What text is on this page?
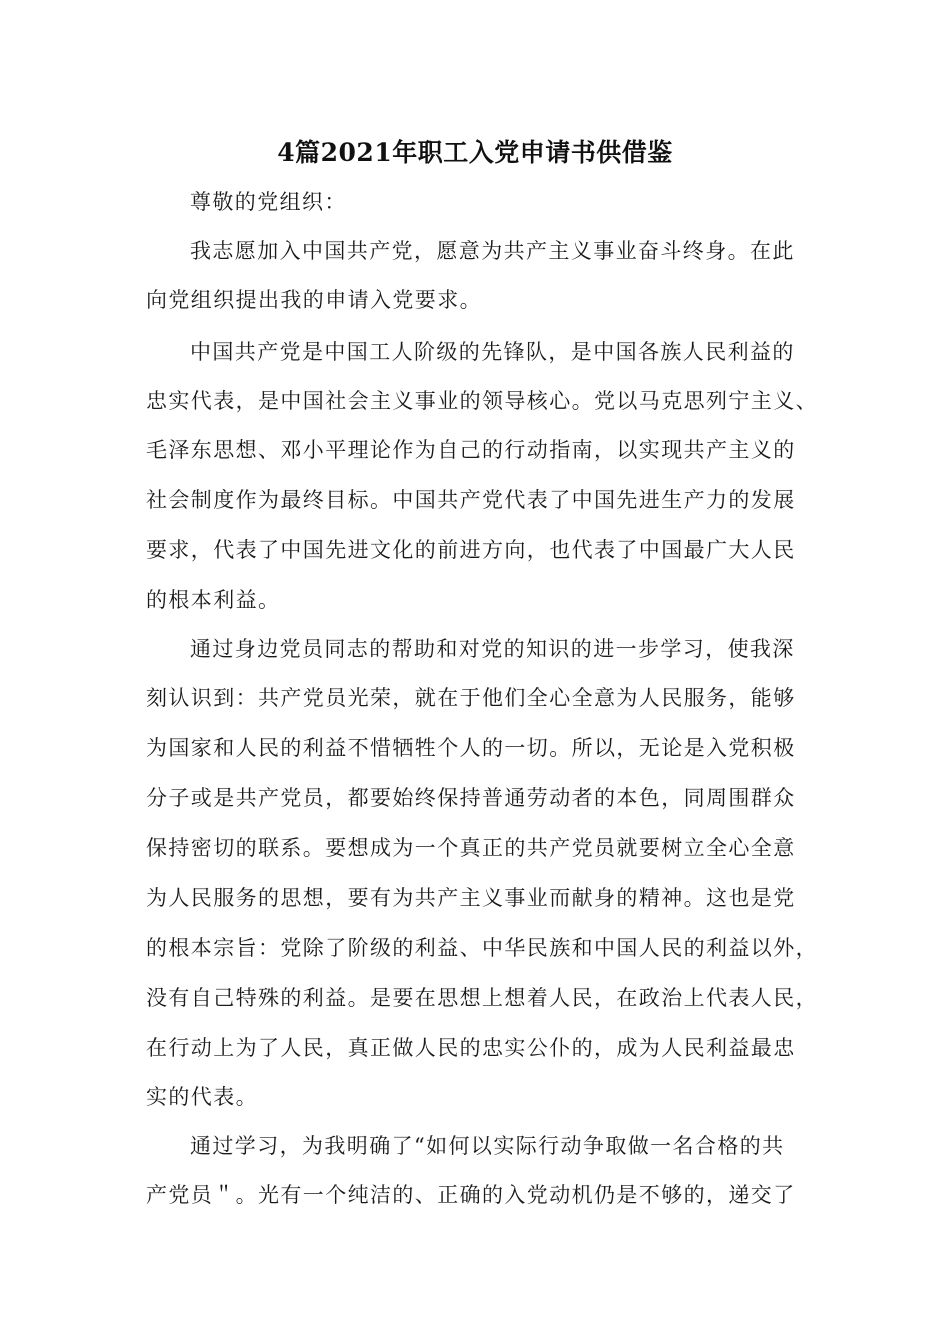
4篇2021年职工入党申请书供借鉴
尊敬的党组织：
我志愿加入中国共产党，愿意为共产主义事业奋斗终身。在此
向党组织提出我的申请入党要求。
中国共产党是中国工人阶级的先锋队，是中国各族人民利益的
忠实代表，是中国社会主义事业的领导核心。党以马克思列宁主义、
毛泽东思想、邓小平理论作为自己的行动指南，以实现共产主义的
社会制度作为最终目标。中国共产党代表了中国先进生产力的发展
要求，代表了中国先进文化的前进方向，也代表了中国最广大人民
的根本利益。
通过身边党员同志的帮助和对党的知识的进一步学习，使我深
刻认识到：共产党员光荣，就在于他们全心全意为人民服务，能够
为国家和人民的利益不惜牺牲个人的一切。所以，无论是入党积极
分子或是共产党员，都要始终保持普通劳动者的本色，同周围群众
保持密切的联系。要想成为一个真正的共产党员就要树立全心全意
为人民服务的思想，要有为共产主义事业而献身的精神。这也是党
的根本宗旨：党除了阶级的利益、中华民族和中国人民的利益以外，
没有自己特殊的利益。是要在思想上想着人民，在政治上代表人民，
在行动上为了人民，真正做人民的忠实公仆的，成为人民利益最忠
实的代表。
通过学习，为我明确了“如何以实际行动争取做一名合格的共
产党员＂。光有一个纯洁的、正确的入党动机仍是不够的，递交了
